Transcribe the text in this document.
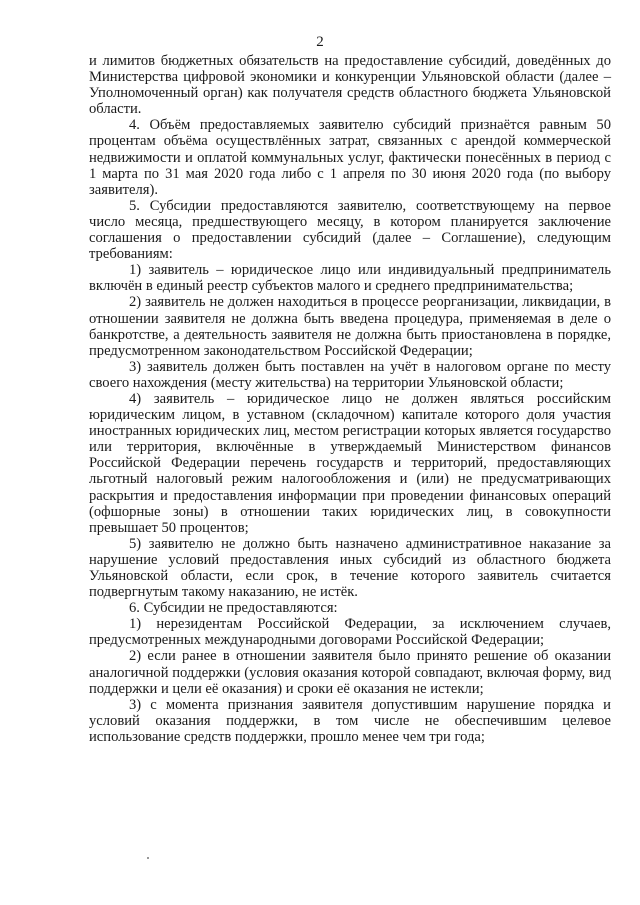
2

и лимитов бюджетных обязательств на предоставление субсидий, доведённых до Министерства цифровой экономики и конкуренции Ульяновской области (далее – Уполномоченный орган) как получателя средств областного бюджета Ульяновской области.

4. Объём предоставляемых заявителю субсидий признаётся равным 50 процентам объёма осуществлённых затрат, связанных с арендой коммерческой недвижимости и оплатой коммунальных услуг, фактически понесённых в период с 1 марта по 31 мая 2020 года либо с 1 апреля по 30 июня 2020 года (по выбору заявителя).

5. Субсидии предоставляются заявителю, соответствующему на первое число месяца, предшествующего месяцу, в котором планируется заключение соглашения о предоставлении субсидий (далее – Соглашение), следующим требованиям:

1) заявитель – юридическое лицо или индивидуальный предприниматель включён в единый реестр субъектов малого и среднего предпринимательства;

2) заявитель не должен находиться в процессе реорганизации, ликвидации, в отношении заявителя не должна быть введена процедура, применяемая в деле о банкротстве, а деятельность заявителя не должна быть приостановлена в порядке, предусмотренном законодательством Российской Федерации;

3) заявитель должен быть поставлен на учёт в налоговом органе по месту своего нахождения (месту жительства) на территории Ульяновской области;

4) заявитель – юридическое лицо не должен являться российским юридическим лицом, в уставном (складочном) капитале которого доля участия иностранных юридических лиц, местом регистрации которых является государство или территория, включённые в утверждаемый Министерством финансов Российской Федерации перечень государств и территорий, предоставляющих льготный налоговый режим налогообложения и (или) не предусматривающих раскрытия и предоставления информации при проведении финансовых операций (офшорные зоны) в отношении таких юридических лиц, в совокупности превышает 50 процентов;

5) заявителю не должно быть назначено административное наказание за нарушение условий предоставления иных субсидий из областного бюджета Ульяновской области, если срок, в течение которого заявитель считается подвергнутым такому наказанию, не истёк.

6. Субсидии не предоставляются:

1) нерезидентам Российской Федерации, за исключением случаев, предусмотренных международными договорами Российской Федерации;

2) если ранее в отношении заявителя было принято решение об оказании аналогичной поддержки (условия оказания которой совпадают, включая форму, вид поддержки и цели её оказания) и сроки её оказания не истекли;

3) с момента признания заявителя допустившим нарушение порядка и условий оказания поддержки, в том числе не обеспечившим целевое использование средств поддержки, прошло менее чем три года;
